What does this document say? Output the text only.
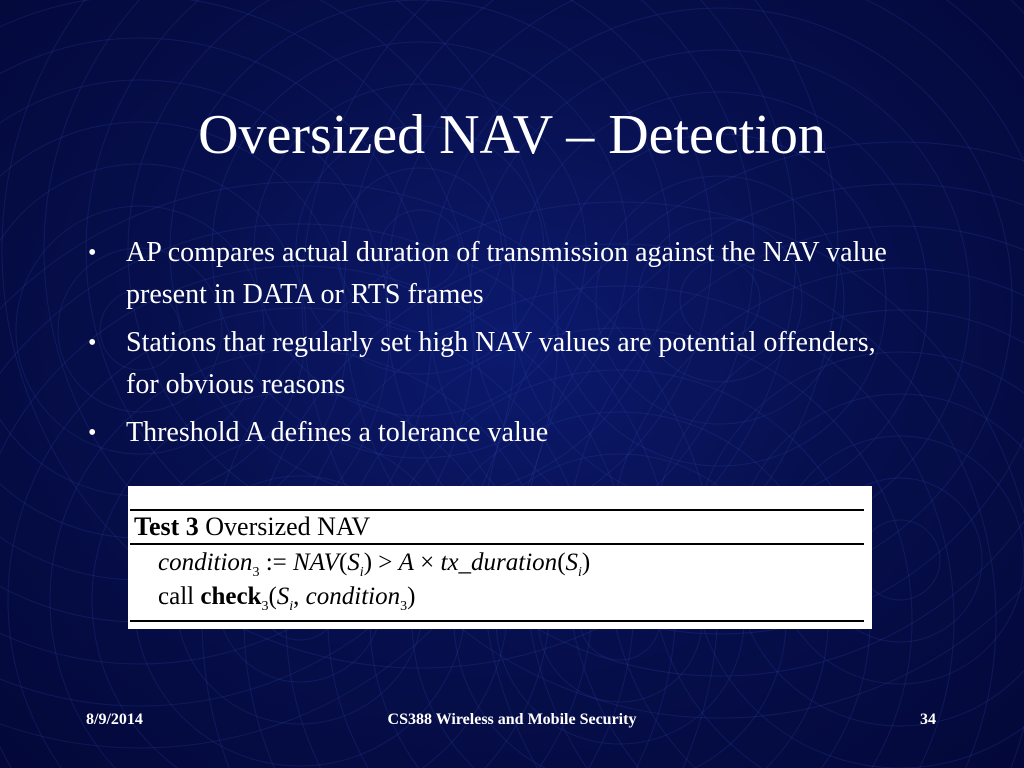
Oversized NAV – Detection
• AP compares actual duration of transmission against the NAV value present in DATA or RTS frames
• Stations that regularly set high NAV values are potential offenders, for obvious reasons
• Threshold A defines a tolerance value
Test 3 Oversized NAV
condition$_3$ := $NAV(S_i) > A$ × $tx\_duration(S_i)$
call $check_3(S_i$, condition$_3$)
8/9/2014	CS388 Wireless and Mobile Security	34
